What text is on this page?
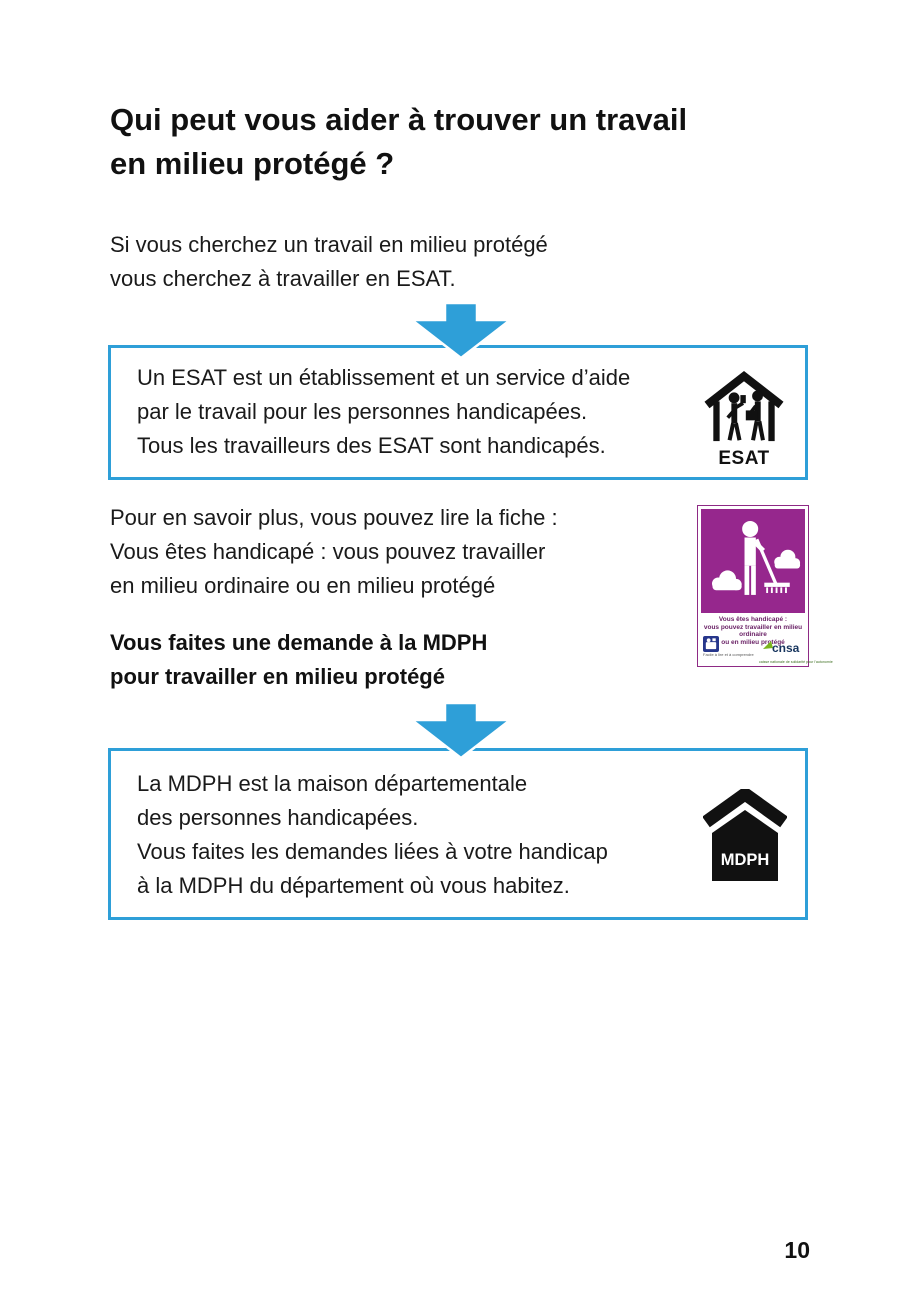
Qui peut vous aider à trouver un travail
en milieu protégé ?
Si vous cherchez un travail en milieu protégé
vous cherchez à travailler en ESAT.
Un ESAT est un établissement et un service d’aide
par le travail pour les personnes handicapées.
Tous les travailleurs des ESAT sont handicapés.
ESAT
Pour en savoir plus, vous pouvez lire la fiche :
Vous êtes handicapé : vous pouvez travailler
en milieu ordinaire ou en milieu protégé
Vous êtes handicapé :
vous pouvez travailler en milieu ordinaire
ou en milieu protégé
Facile à lire et à comprendre cnsa
caisse nationale de solidarité pour l’autonomie
Vous faites une demande à la MDPH
pour travailler en milieu protégé
La MDPH est la maison départementale
des personnes handicapées.
Vous faites les demandes liées à votre handicap
à la MDPH du département où vous habitez.
MDPH
10
